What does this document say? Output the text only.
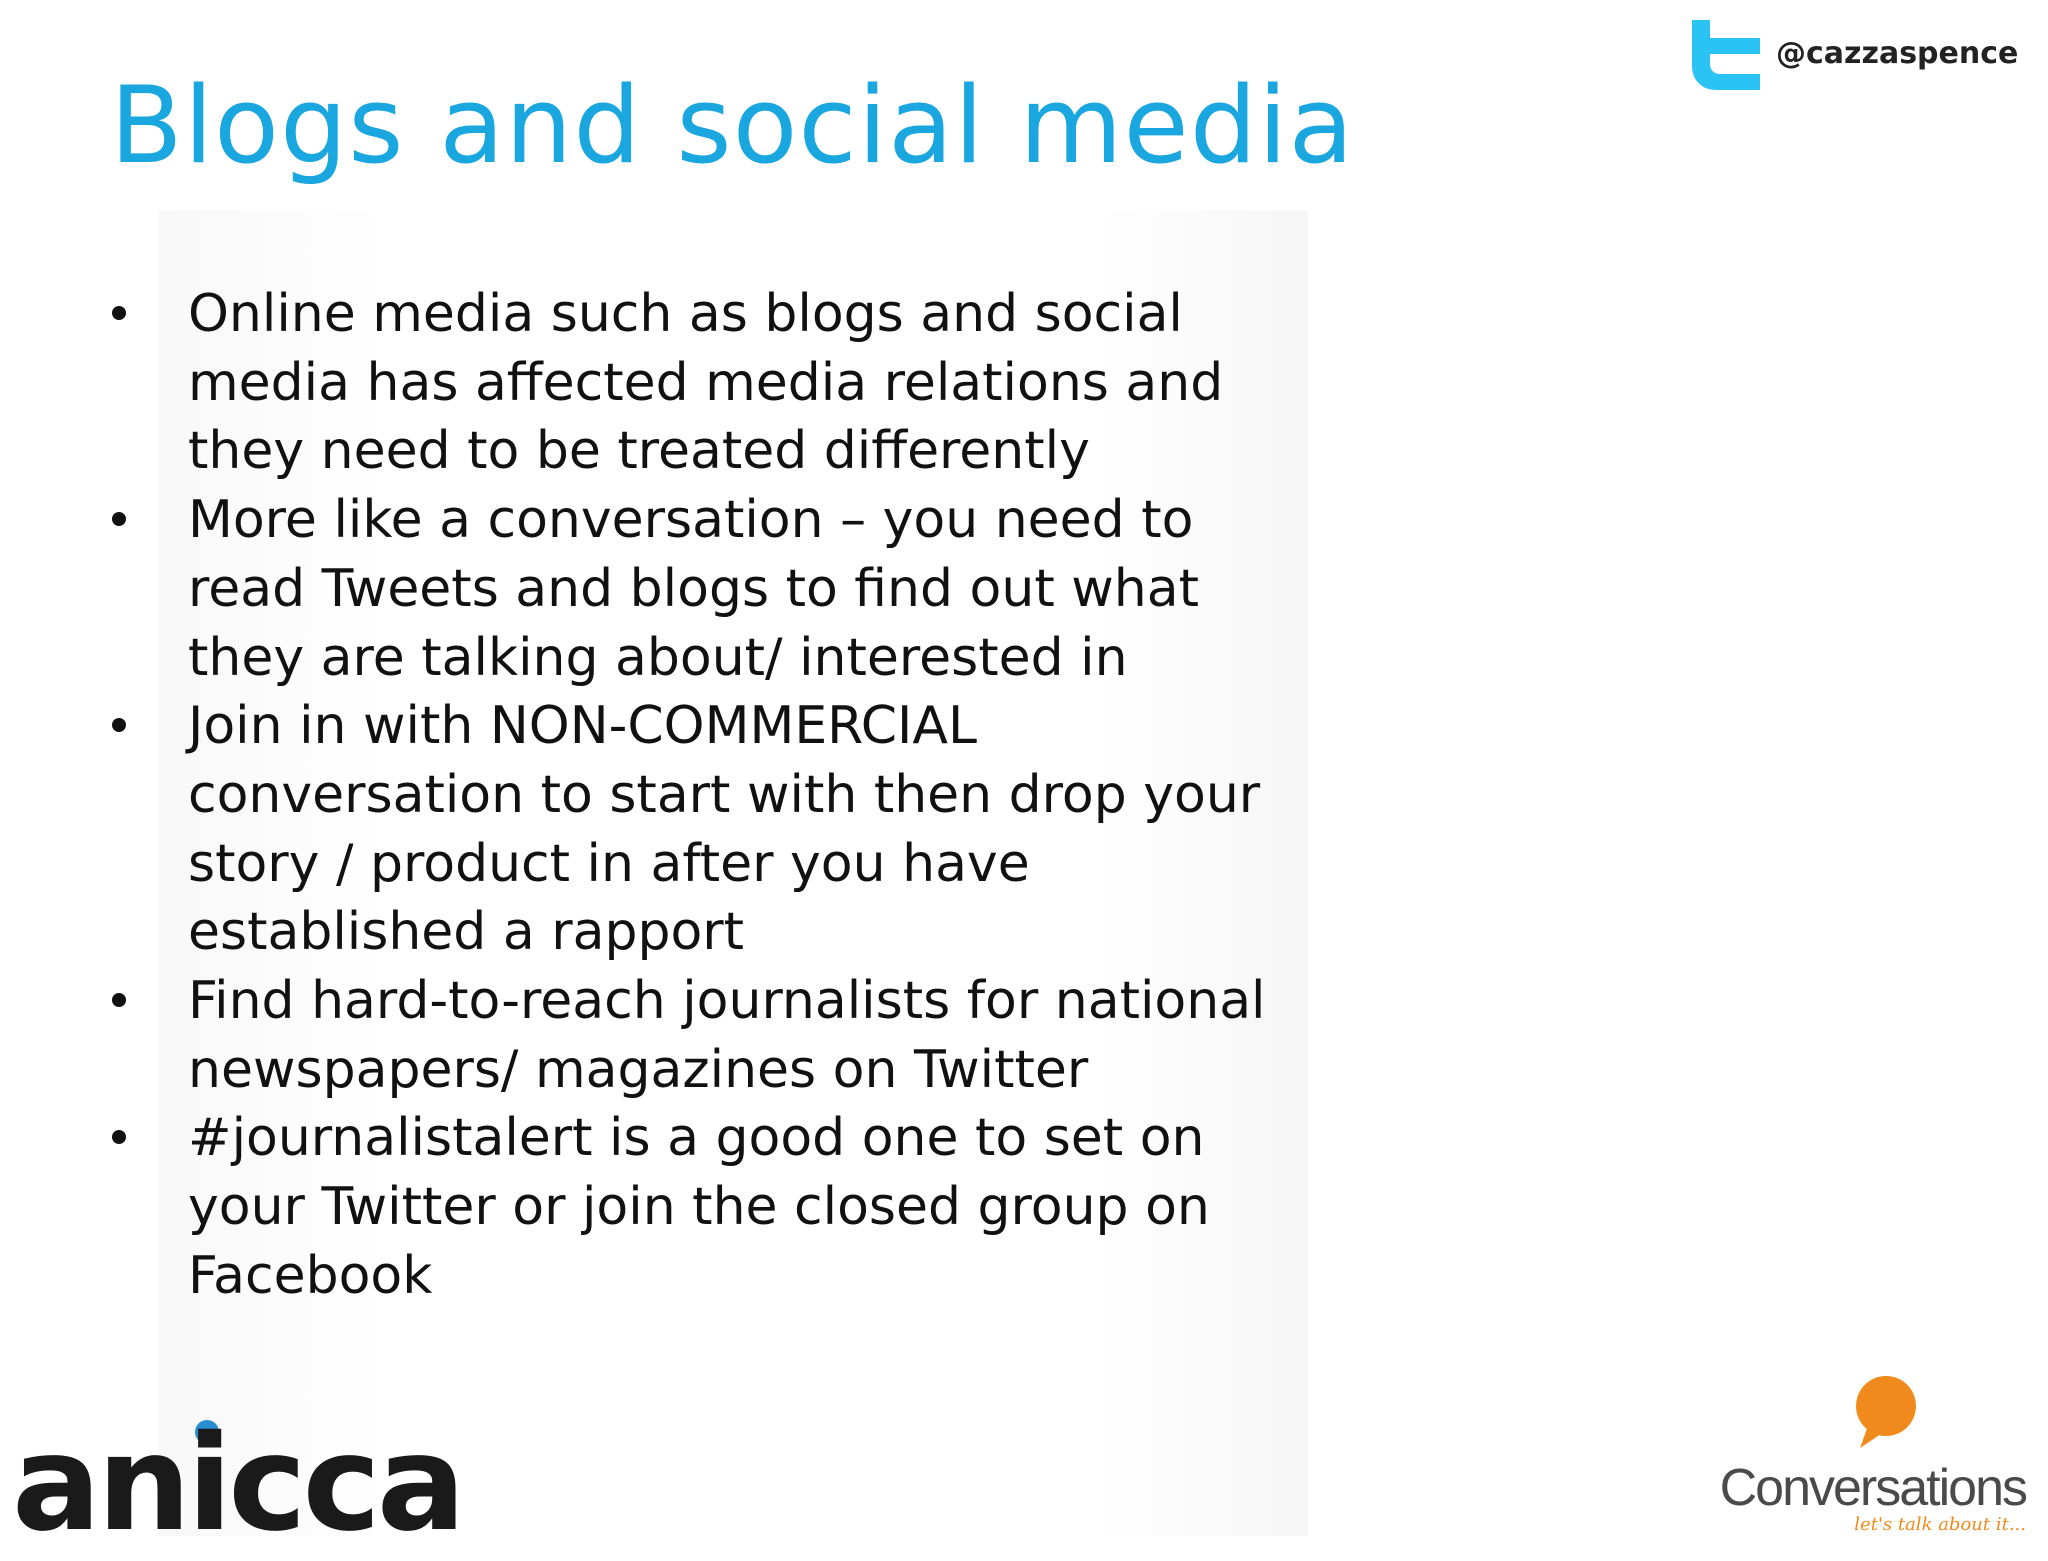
@cazzaspence
Blogs and social media
Online media such as blogs and social
media has affected media relations and
they need to be treated differently
More like a conversation – you need to
read Tweets and blogs to find out what
they are talking about/ interested in
Join in with NON-COMMERCIAL
conversation to start with then drop your
story / product in after you have
established a rapport
Find hard-to-reach journalists for national
newspapers/ magazines on Twitter
#journalistalert is a good one to set on
your Twitter or join the closed group on
Facebook
anicca	Conversations
let's talk about it...
